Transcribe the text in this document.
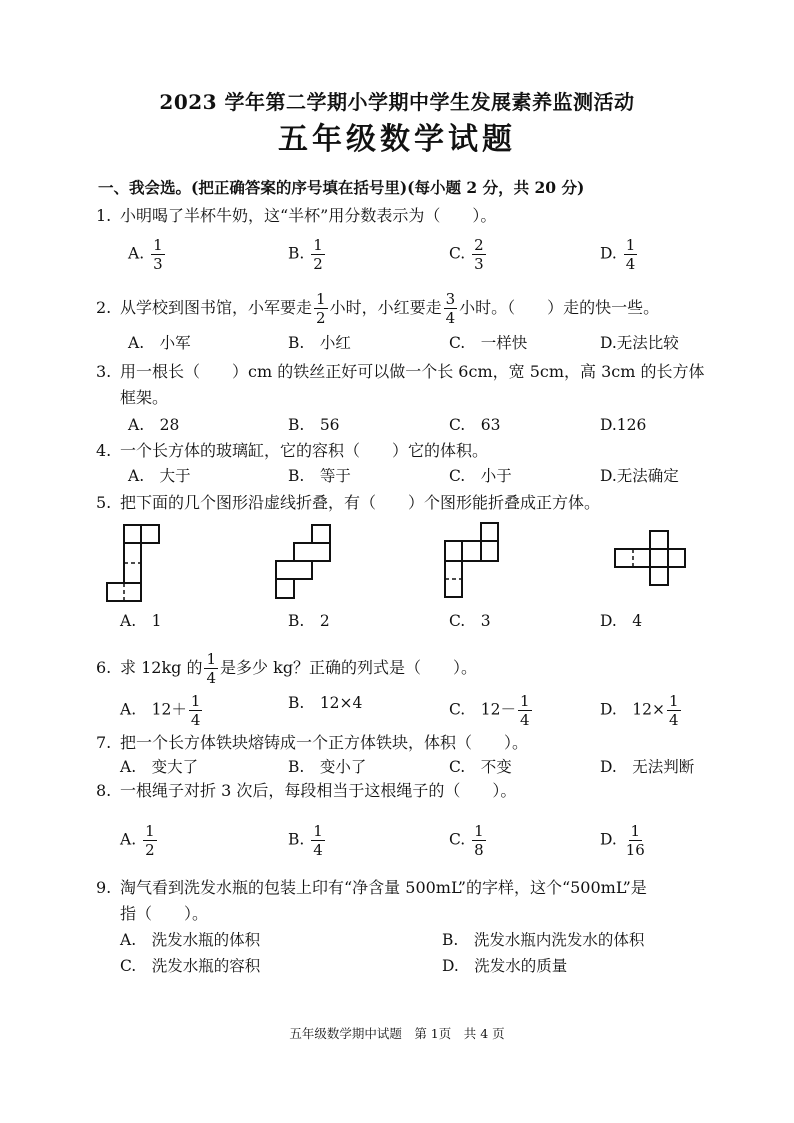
2023 学年第二学期小学期中学生发展素养监测活动
五年级数学试题
一、我会选。(把正确答案的序号填在括号里)(每小题 2 分，共 20 分)
1. 小明喝了半杯牛奶，这“半杯”用分数表示为（　　）。
A. $\frac{1}{3}$	B. $\frac{1}{2}$	C. $\frac{2}{3}$	D. $\frac{1}{4}$
2. 从学校到图书馆，小军要走 $\frac{1}{2}$ 小时，小红要走 $\frac{3}{4}$ 小时。（　　）走的快一些。
A.　小军	B.　小红	C.　一样快	D.无法比较
3. 用一根长（　　）cm 的铁丝正好可以做一个长 6cm，宽 5cm，高 3cm 的长方体
框架。
A.　28	B.　56	C.　63	D.126
4. 一个长方体的玻璃缸，它的容积（　　）它的体积。
A.　大于	B.　等于	C.　小于	D.无法确定
5. 把下面的几个图形沿虚线折叠，有（　　）个图形能折叠成正方体。
A.　1	B.　2	C.　3	D.　4
6. 求 12kg 的 $\frac{1}{4}$ 是多少 kg？正确的列式是（　　）。
A.　$12+ \frac{1}{4}$	B.　12×4	C.　$12- \frac{1}{4}$	D.　$12\times \frac{1}{4}$
7. 把一个长方体铁块熔铸成一个正方体铁块，体积（　　）。
A.　变大了	B.　变小了	C.　不变	D.　无法判断
8. 一根绳子对折 3 次后，每段相当于这根绳子的（　　）。
A. $\frac{1}{2}$	B. $\frac{1}{4}$	C. $\frac{1}{8}$	D. $\frac{1}{16}$
9. 淘气看到洗发水瓶的包装上印有“净含量 500mL”的字样，这个“500mL”是
指（　　）。
A.　洗发水瓶的体积	B.　洗发水瓶内洗发水的体积
C.　洗发水瓶的容积	D.　洗发水的质量
五年级数学期中试题　第 1页　共 4 页
